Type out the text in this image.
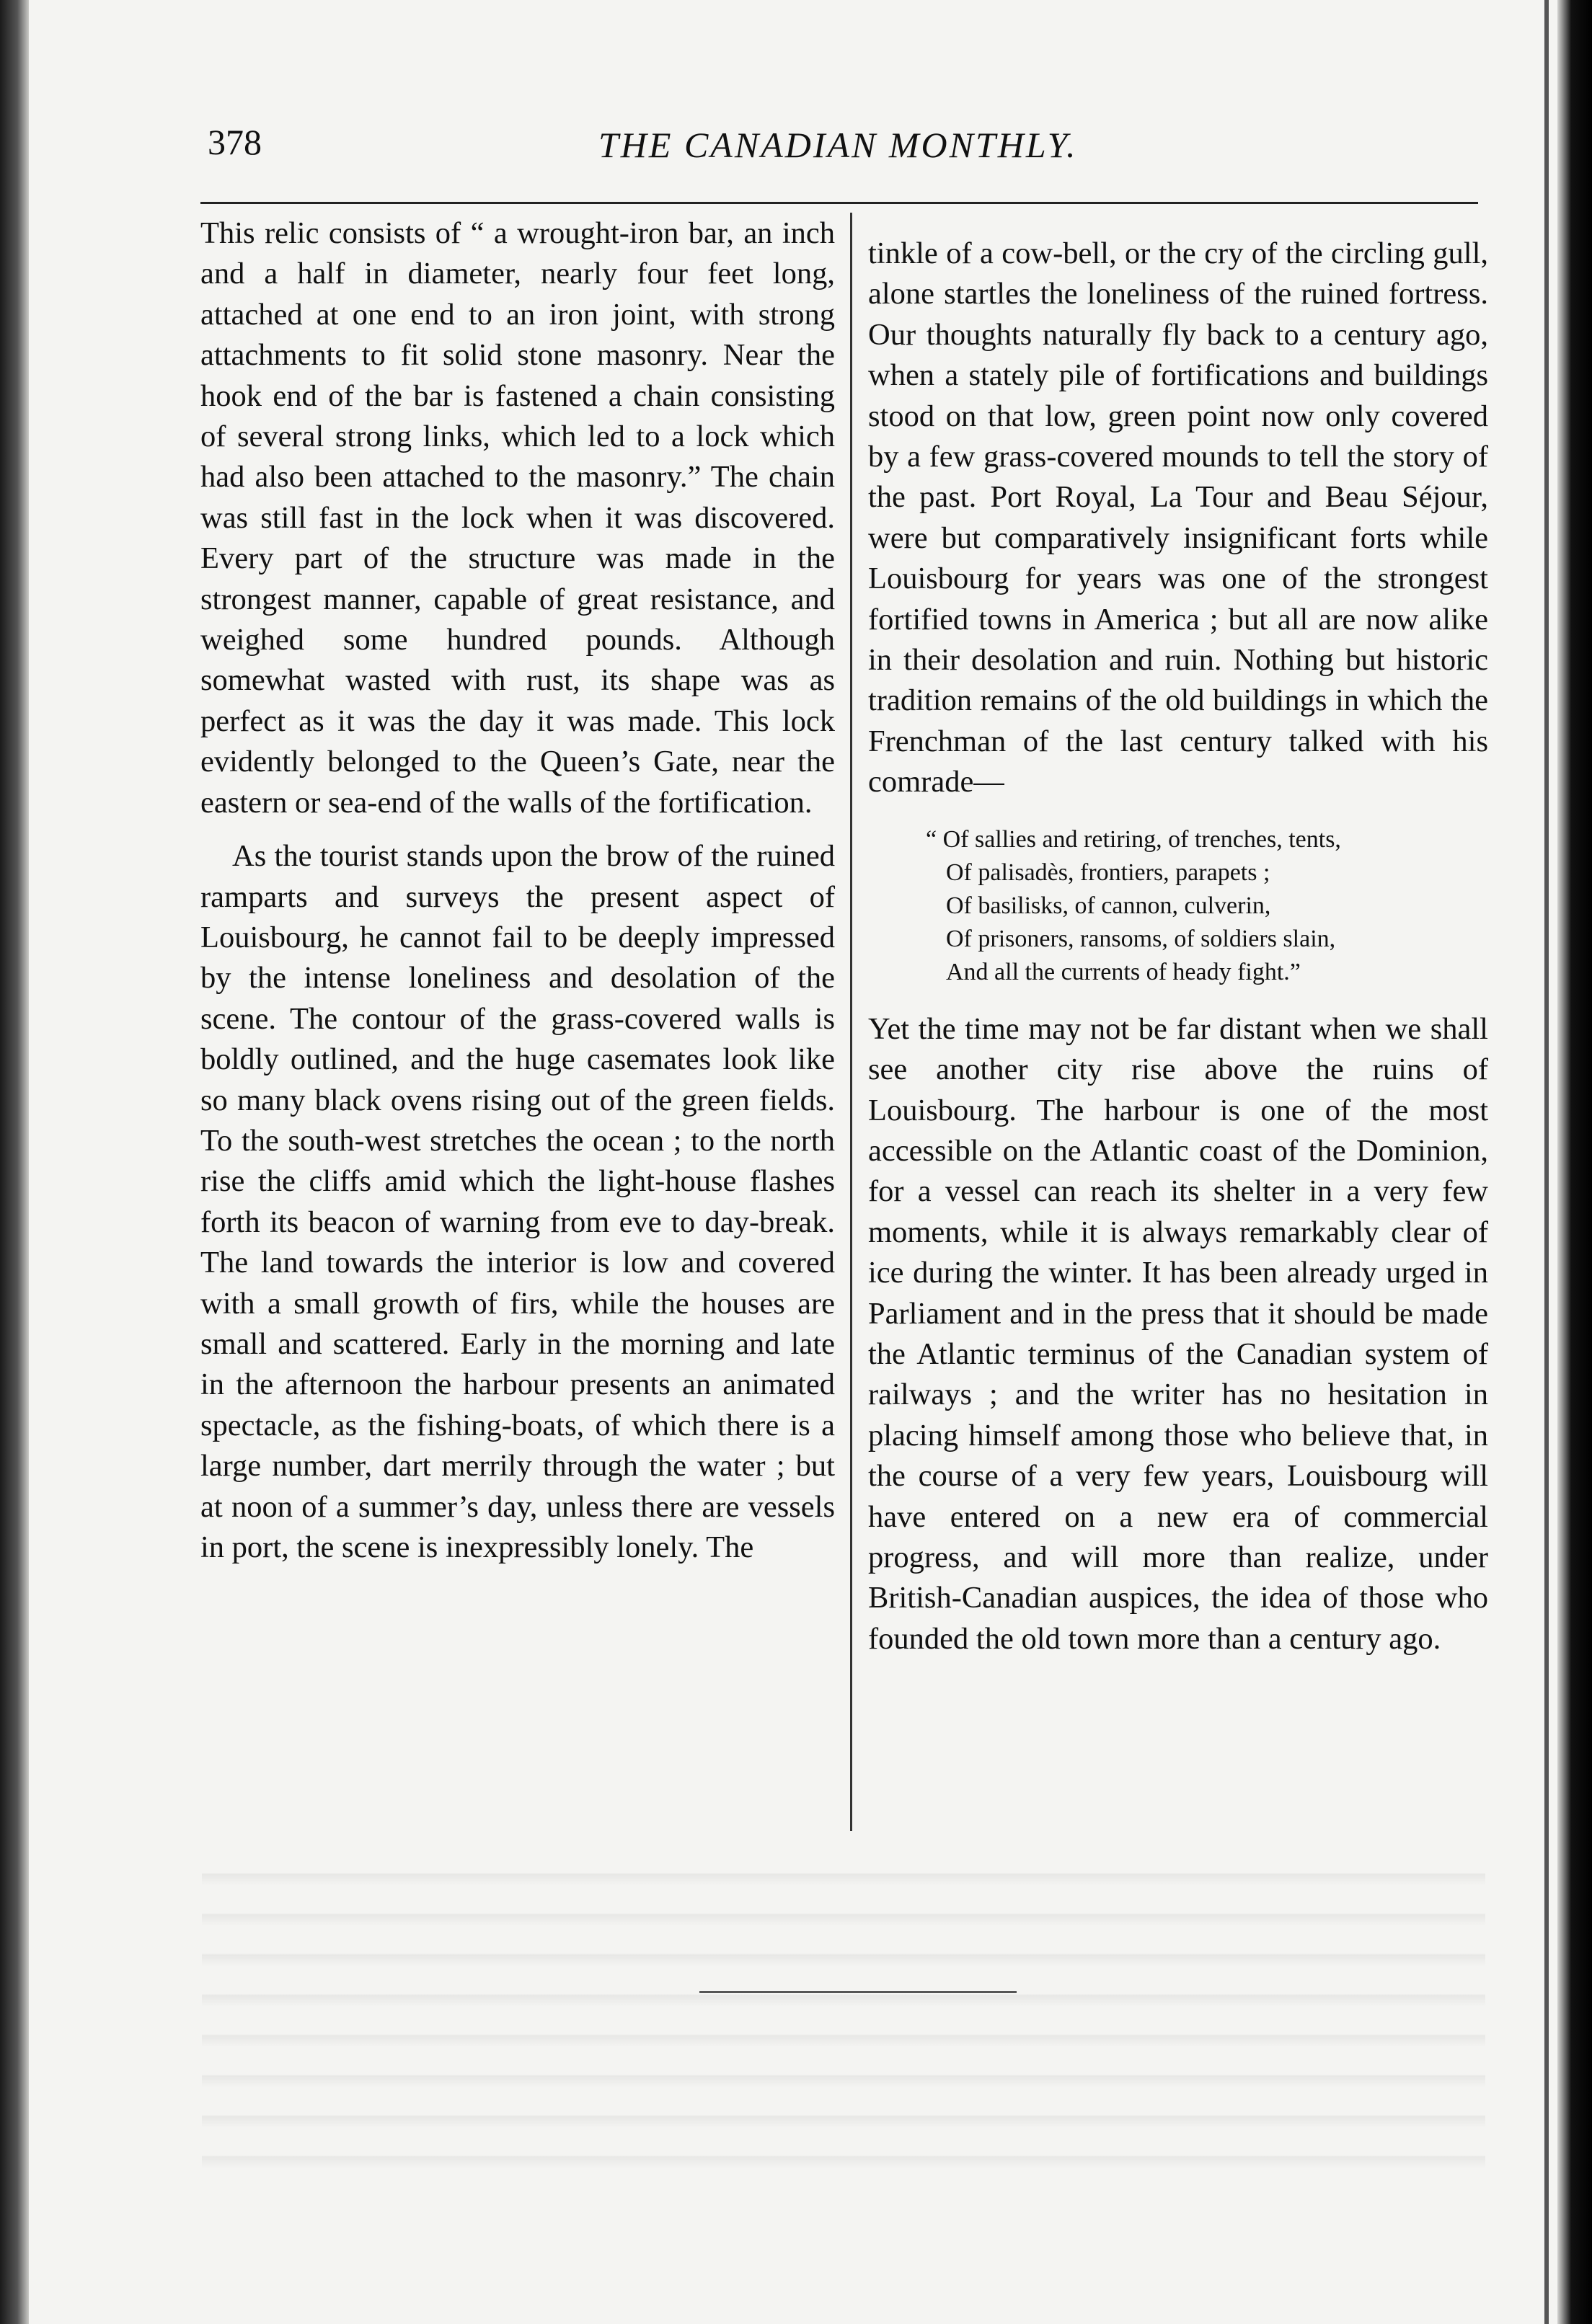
378	THE CANADIAN MONTHLY.

This relic consists of “ a wrought-iron bar, an inch and a half in diameter, nearly four feet long, attached at one end to an iron joint, with strong attachments to fit solid stone masonry. Near the hook end of the bar is fastened a chain consisting of several strong links, which led to a lock which had also been attached to the masonry.” The chain was still fast in the lock when it was discovered. Every part of the structure was made in the strongest manner, capable of great resistance, and weighed some hundred pounds. Although somewhat wasted with rust, its shape was as perfect as it was the day it was made. This lock evidently belonged to the Queen’s Gate, near the eastern or sea-end of the walls of the fortification.

As the tourist stands upon the brow of the ruined ramparts and surveys the present aspect of Louisbourg, he cannot fail to be deeply impressed by the intense loneliness and desolation of the scene. The contour of the grass-covered walls is boldly outlined, and the huge casemates look like so many black ovens rising out of the green fields. To the south-west stretches the ocean ; to the north rise the cliffs amid which the light-house flashes forth its beacon of warning from eve to day-break. The land towards the interior is low and covered with a small growth of firs, while the houses are small and scattered. Early in the morning and late in the afternoon the harbour presents an animated spectacle, as the fishing-boats, of which there is a large number, dart merrily through the water ; but at noon of a summer’s day, unless there are vessels in port, the scene is inexpressibly lonely. The

tinkle of a cow-bell, or the cry of the circling gull, alone startles the loneliness of the ruined fortress. Our thoughts naturally fly back to a century ago, when a stately pile of fortifications and buildings stood on that low, green point now only covered by a few grass-covered mounds to tell the story of the past. Port Royal, La Tour and Beau Séjour, were but comparatively insignificant forts while Louisbourg for years was one of the strongest fortified towns in America ; but all are now alike in their desolation and ruin. Nothing but historic tradition remains of the old buildings in which the Frenchman of the last century talked with his comrade—

“ Of sallies and retiring, of trenches, tents,
Of palisadès, frontiers, parapets ;
Of basilisks, of cannon, culverin,
Of prisoners, ransoms, of soldiers slain,
And all the currents of heady fight.”

Yet the time may not be far distant when we shall see another city rise above the ruins of Louisbourg. The harbour is one of the most accessible on the Atlantic coast of the Dominion, for a vessel can reach its shelter in a very few moments, while it is always remarkably clear of ice during the winter. It has been already urged in Parliament and in the press that it should be made the Atlantic terminus of the Canadian system of railways ; and the writer has no hesitation in placing himself among those who believe that, in the course of a very few years, Louisbourg will have entered on a new era of commercial progress, and will more than realize, under British-Canadian auspices, the idea of those who founded the old town more than a century ago.
